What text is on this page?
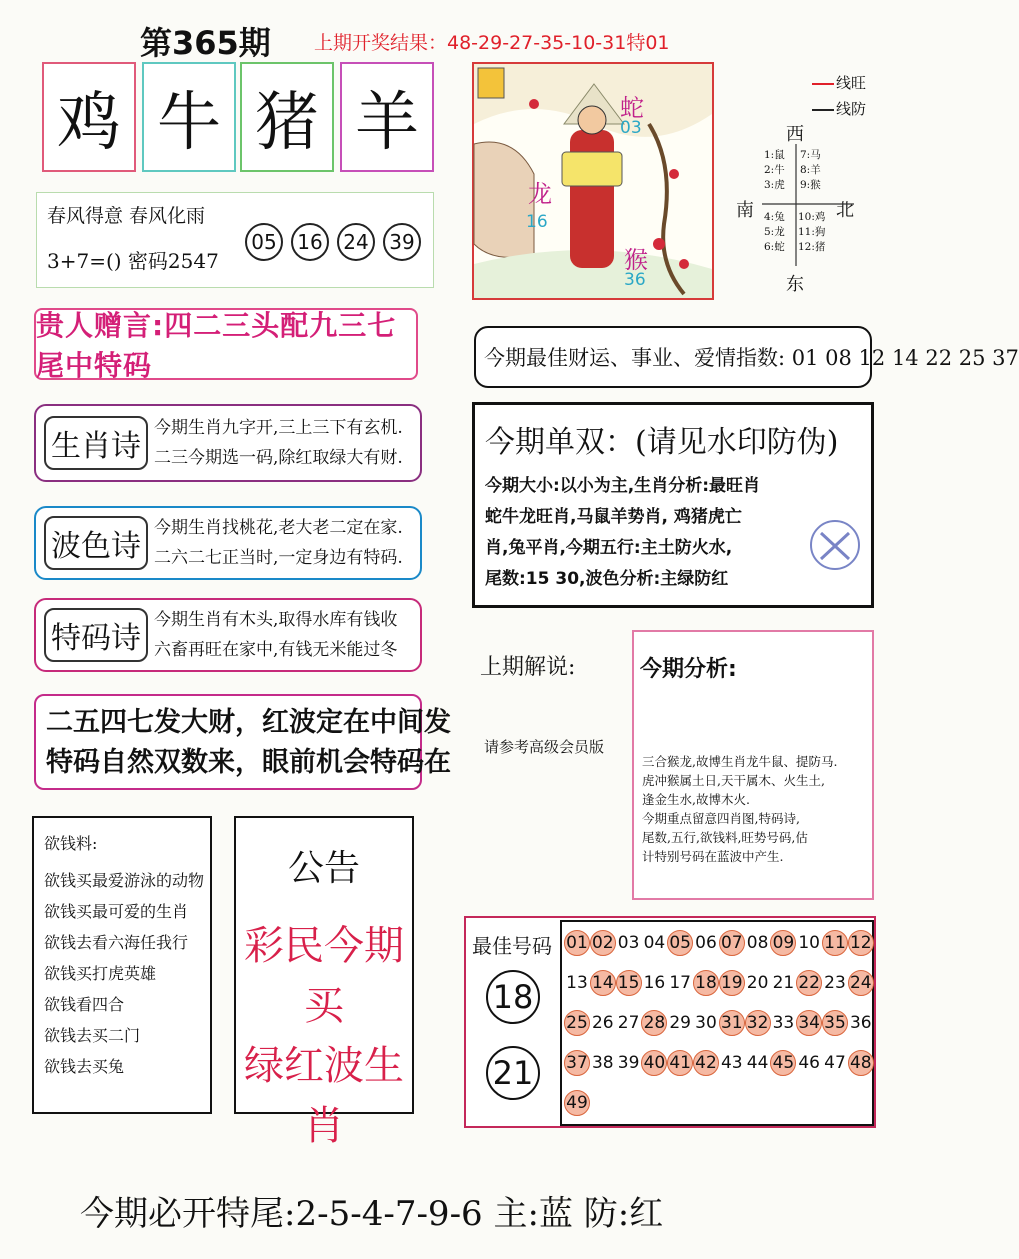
第365期 上期开奖结果：48-29-27-35-10-31特01
鸡 牛 猪 羊
春风得意 春风化雨
3+7=() 密码2547
05	16	24	39
贵人赠言:四二三头配九三七尾中特码
生肖诗
今期生肖九字开,三上三下有玄机.
二三今期选一码,除红取绿大有财.
波色诗
今期生肖找桃花,老大老二定在家.
二六二七正当时,一定身边有特码.
特码诗
今期生肖有木头,取得水库有钱收
六畜再旺在家中,有钱无米能过冬
二五四七发大财，红波定在中间发
特码自然双数来，眼前机会特码在
欲钱料:
欲钱买最爱游泳的动物
欲钱买最可爱的生肖
欲钱去看六海任我行
欲钱买打虎英雄
欲钱看四合
欲钱去买二门
欲钱去买兔
公告
彩民今期买
绿红波生肖
蛇
03
龙
16
猴
36
线旺
线防
西
南	北
东
1:鼠
2:牛
3:虎
7:马
8:羊
9:猴
4:兔
5:龙
6:蛇
10:鸡
11:狗
12:猪
今期最佳财运、事业、爱情指数: 01 08 12 14 22 25 37
今期单双：(请见水印防伪)
今期大小:以小为主,生肖分析:最旺肖
蛇牛龙旺肖,马鼠羊势肖, 鸡猪虎亡
肖,兔平肖,今期五行:主土防火水,
尾数:15 30,波色分析:主绿防红
上期解说:
请参考高级会员版
今期分析:
三合猴龙,故博生肖龙牛鼠、提防马.
虎冲猴属土日,天干属木、火生土,
逢金生水,故博木火.
今期重点留意四肖图,特码诗,
尾数,五行,欲钱料,旺势号码,估
计特别号码在蓝波中产生.
最佳号码
18
21
01 02 03 04 05 06 07 08 09 10 11 12
13 14 15 16 17 18 19 20 21 22 23 24
25 26 27 28 29 30 31 32 33 34 35 36
37 38 39 40 41 42 43 44 45 46 47 48
49
今期必开特尾:2-5-4-7-9-6 主:蓝 防:红
